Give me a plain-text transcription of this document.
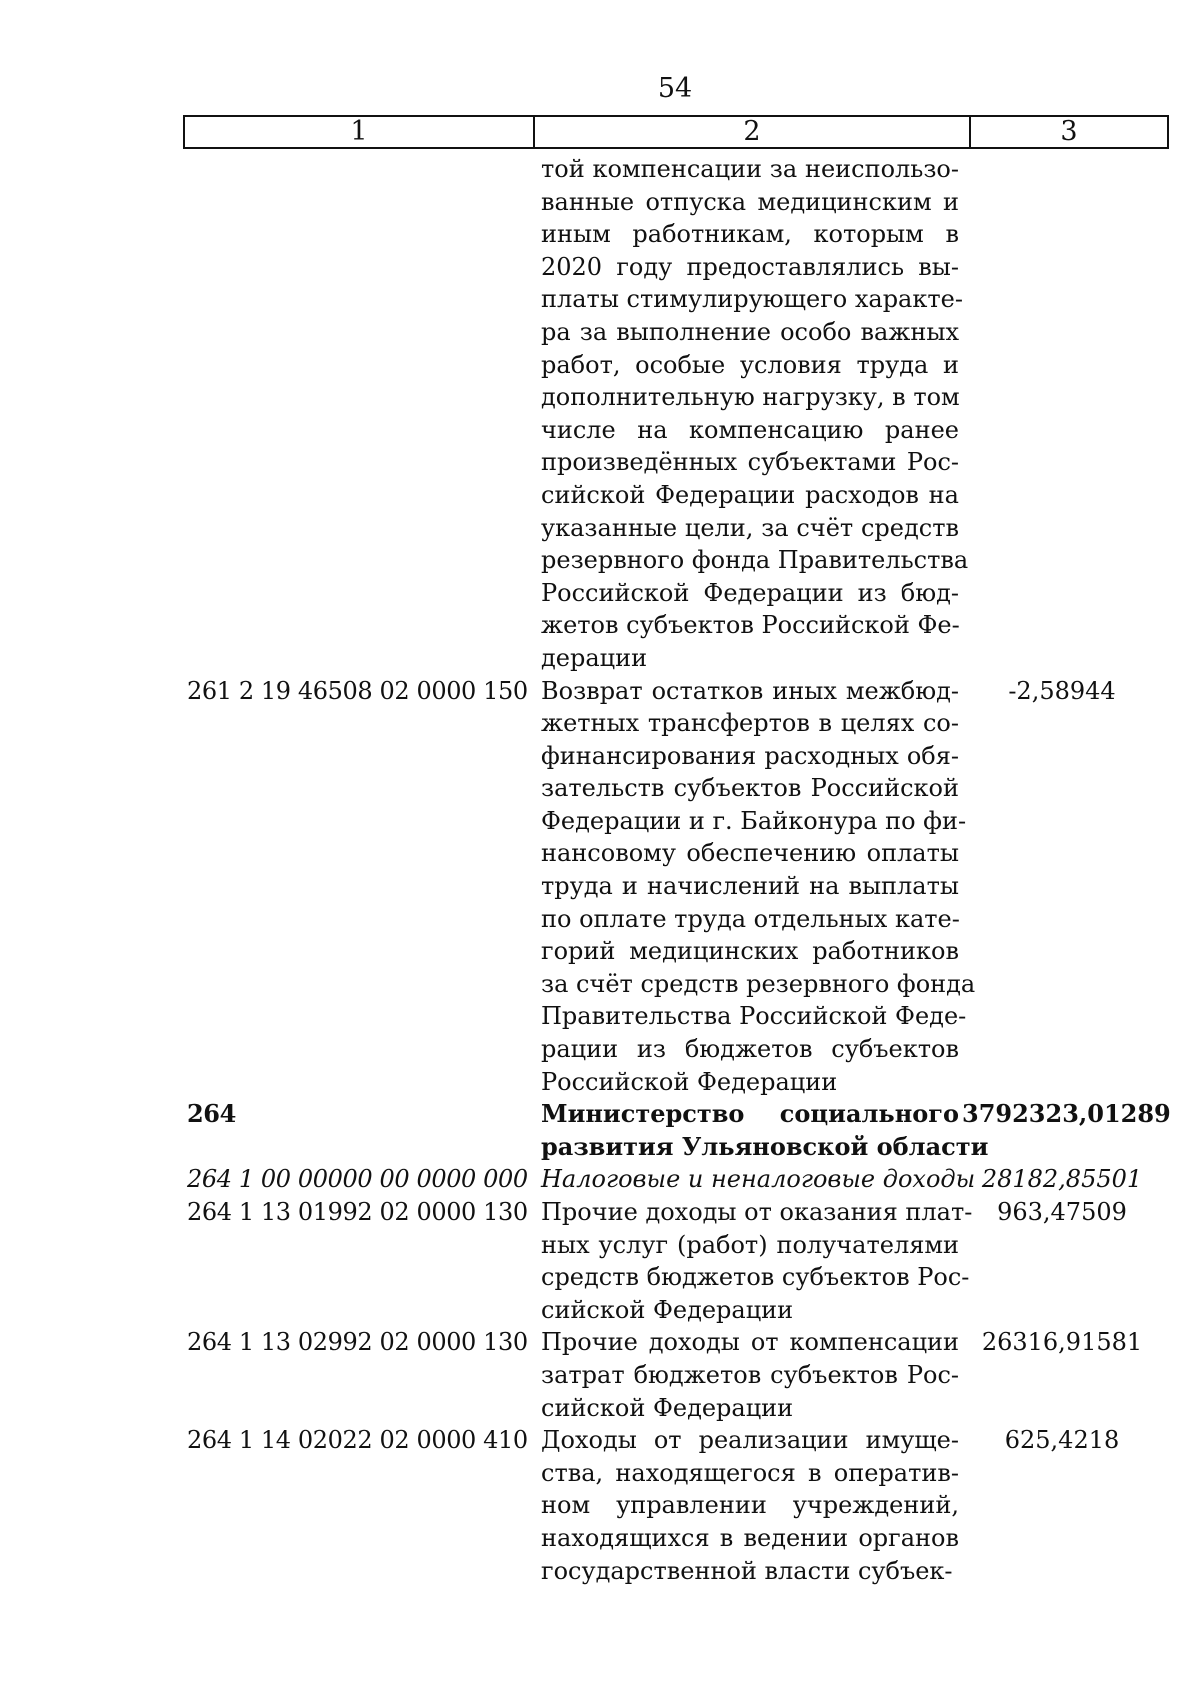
54
1	2	3
той компенсации за неиспользо-
ванные отпуска медицинским и
иным работникам, которым в
2020 году предоставлялись вы-
платы стимулирующего характе-
ра за выполнение особо важных
работ, особые условия труда и
дополнительную нагрузку, в том
числе на компенсацию ранее
произведённых субъектами Рос-
сийской Федерации расходов на
указанные цели, за счёт средств
резервного фонда Правительства
Российской Федерации из бюд-
жетов субъектов Российской Фе-
дерации
261 2 19 46508 02 0000 150 Возврат остатков иных межбюд-
жетных трансфертов в целях со-
финансирования расходных обя-
зательств субъектов Российской
Федерации и г. Байконура по фи-
нансовому обеспечению оплаты
труда и начислений на выплаты
по оплате труда отдельных кате-
горий медицинских работников
за счёт средств резервного фонда
Правительства Российской Феде-
рации из бюджетов субъектов
Российской Федерации
-2,58944
264	Министерство социального
развития Ульяновской области
3792323,01289
264 1 00 00000 00 0000 000 Налоговые и неналоговые доходы 28182,85501
264 1 13 01992 02 0000 130 Прочие доходы от оказания плат-
ных услуг (работ) получателями
средств бюджетов субъектов Рос-
сийской Федерации
963,47509
264 1 13 02992 02 0000 130 Прочие доходы от компенсации
затрат бюджетов субъектов Рос-
сийской Федерации
26316,91581
264 1 14 02022 02 0000 410 Доходы от реализации имуще-
ства, находящегося в оператив-
ном управлении учреждений,
находящихся в ведении органов
государственной власти субъек-
625,4218
